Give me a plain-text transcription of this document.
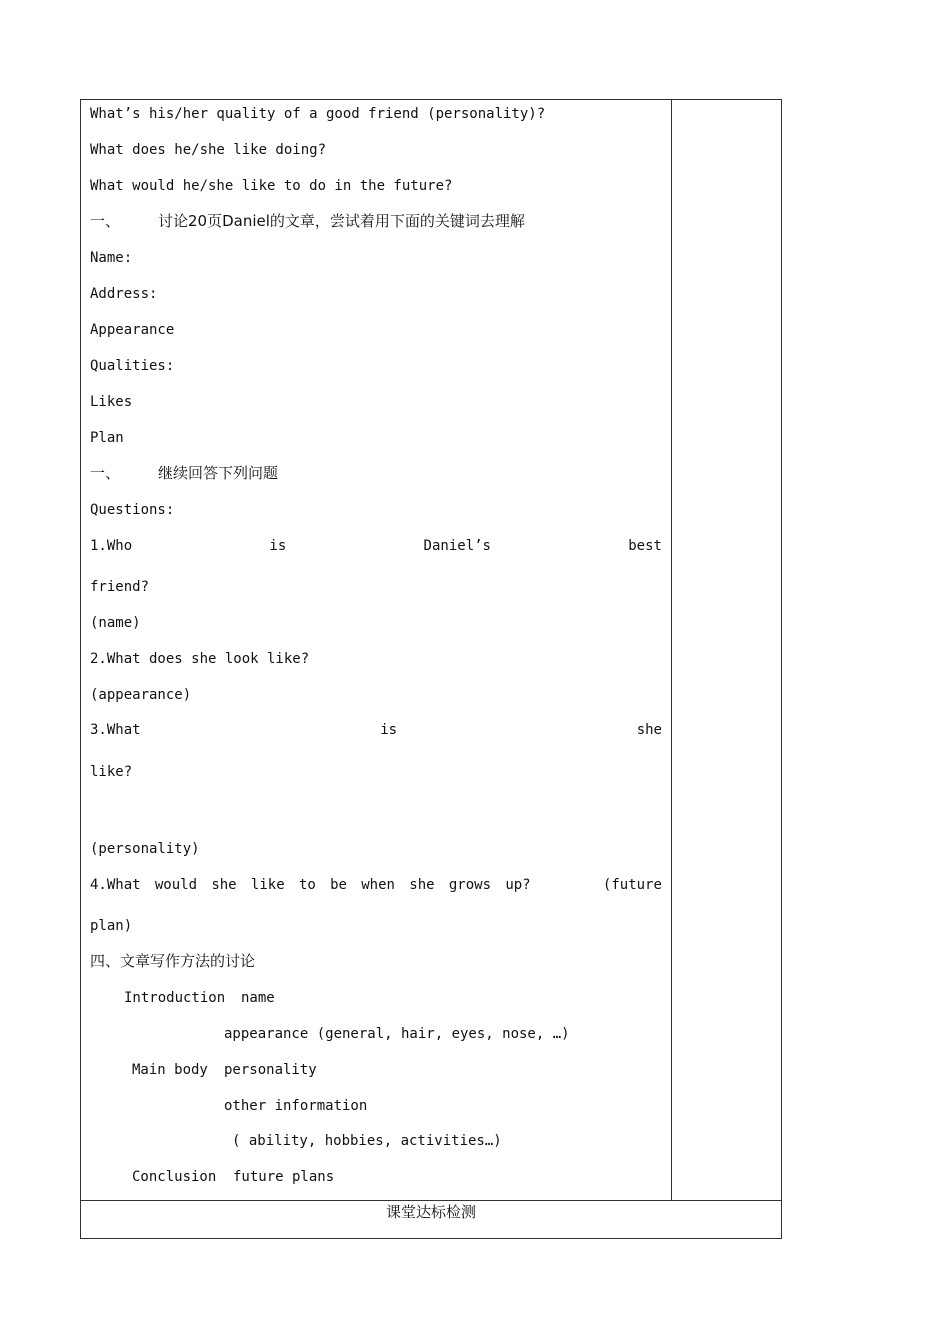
What’s his/her quality of a good friend (personality)?
What does he/she like doing?
What would he/she like to do in the future?
一、	讨论20页Daniel的文章，尝试着用下面的关键词去理解
Name:
Address:
Appearance
Qualities:
Likes
Plan
一、	继续回答下列问题
Questions:
1.Who	is	Daniel’s	best
friend?
(name)
2.What does she look like?
(appearance)
3.What	is	she
like?
(personality)
4.What would she like to be when she grows up?	(future
plan)
四、文章写作方法的讨论
Introduction name
appearance (general, hair, eyes, nose, …)
Main body personality
other information
( ability, hobbies, activities…)
Conclusion future plans

课堂达标检测
